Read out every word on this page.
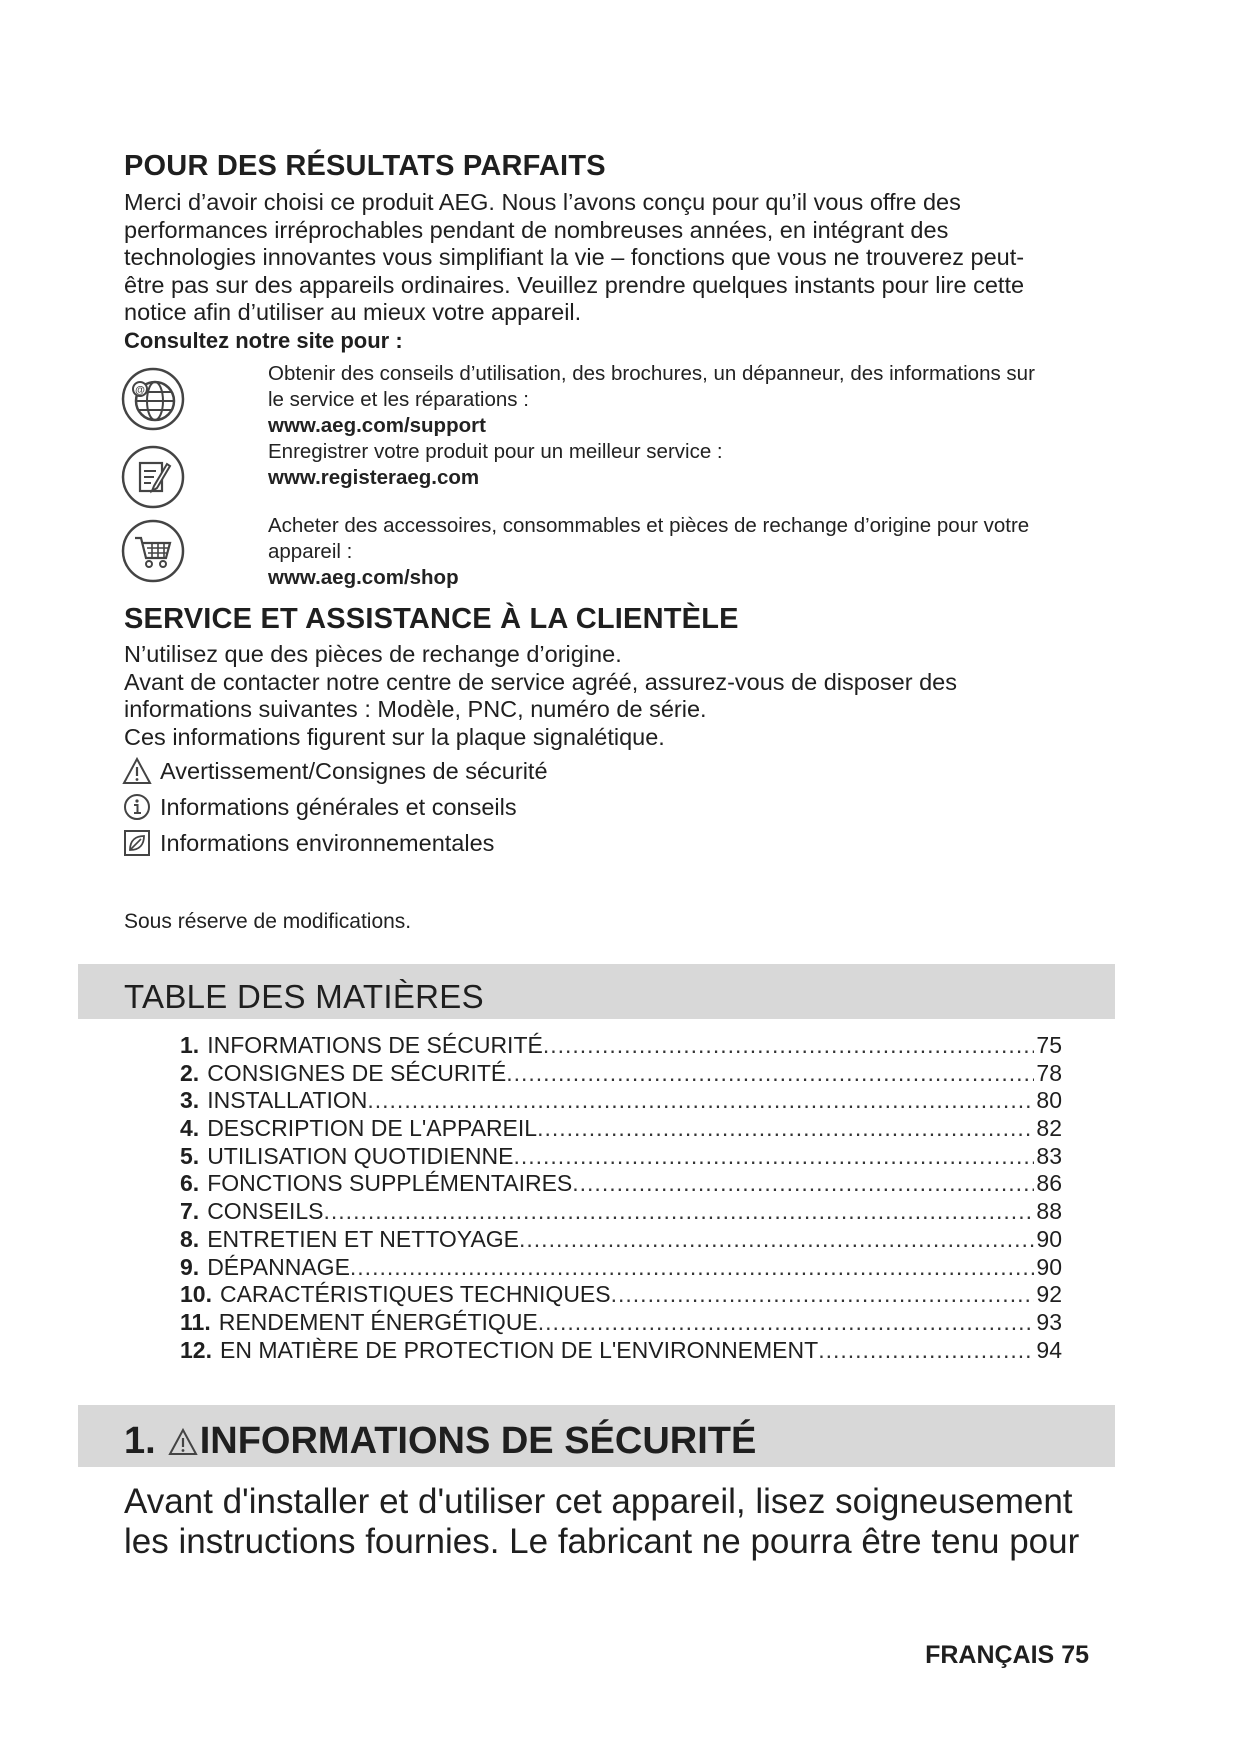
POUR DES RÉSULTATS PARFAITS

Merci d’avoir choisi ce produit AEG. Nous l’avons conçu pour qu’il vous offre des

performances irréprochables pendant de nombreuses années, en intégrant des

technologies innovantes vous simplifiant la vie – fonctions que vous ne trouverez peut-

être pas sur des appareils ordinaires. Veuillez prendre quelques instants pour lire cette

notice afin d’utiliser au mieux votre appareil.

Consultez notre site pour :

@
Obtenir des conseils d’utilisation, des brochures, un dépanneur, des informations sur
le service et les réparations :
www.aeg.com/support
Enregistrer votre produit pour un meilleur service :
www.registeraeg.com
Acheter des accessoires, consommables et pièces de rechange d’origine pour votre
appareil :
www.aeg.com/shop
SERVICE ET ASSISTANCE À LA CLIENTÈLE

N’utilisez que des pièces de rechange d’origine.

Avant de contacter notre centre de service agréé, assurez-vous de disposer des

informations suivantes : Modèle, PNC, numéro de série.

Ces informations figurent sur la plaque signalétique.

Avertissement/Consignes de sécurité
Informations générales et conseils
Informations environnementales
Sous réserve de modifications.
TABLE DES MATIÈRES
1. INFORMATIONS DE SÉCURITÉ .....	75
2. CONSIGNES DE SÉCURITÉ .....	78
3. INSTALLATION .....	80
4. DESCRIPTION DE L'APPAREIL .....	82
5. UTILISATION QUOTIDIENNE .....	83
6. FONCTIONS SUPPLÉMENTAIRES .....	86
7. CONSEILS .....	88
8. ENTRETIEN ET NETTOYAGE .....	90
9. DÉPANNAGE .....	90
10. CARACTÉRISTIQUES TECHNIQUES .....	92
11. RENDEMENT ÉNERGÉTIQUE .....	93
12. EN MATIÈRE DE PROTECTION DE L'ENVIRONNEMENT .....	94
1. INFORMATIONS DE SÉCURITÉ
Avant d'installer et d'utiliser cet appareil, lisez soigneusement
les instructions fournies. Le fabricant ne pourra être tenu pour
FRANÇAIS 75
